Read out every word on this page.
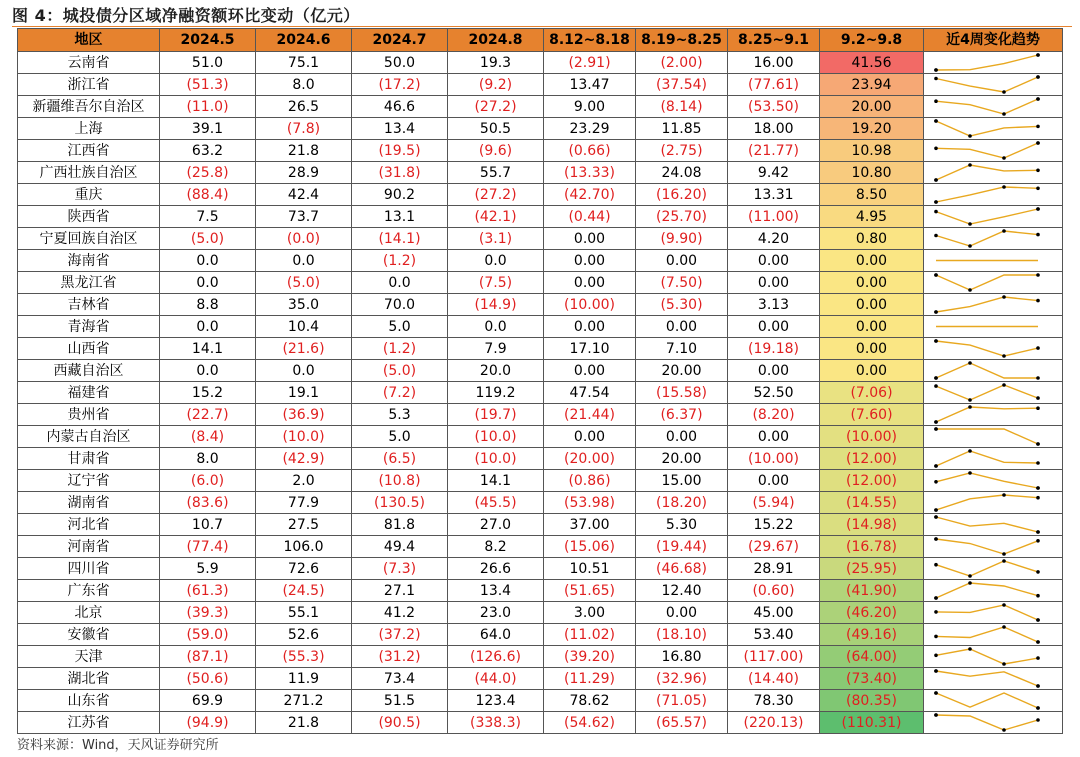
图 4：城投债分区域净融资额环比变动（亿元）
地区	2024.5	2024.6	2024.7	2024.8	8.12~8.18	8.19~8.25	8.25~9.1	9.2~9.8	近4周变化趋势
云南省	51.0	75.1	50.0	19.3	(2.91)	(2.00)	16.00	41.56	

浙江省	(51.3)	8.0	(17.2)	(9.2)	13.47	(37.54)	(77.61)	23.94	

新疆维吾尔自治区	(11.0)	26.5	46.6	(27.2)	9.00	(8.14)	(53.50)	20.00	

上海	39.1	(7.8)	13.4	50.5	23.29	11.85	18.00	19.20	

江西省	63.2	21.8	(19.5)	(9.6)	(0.66)	(2.75)	(21.77)	10.98	

广西壮族自治区	(25.8)	28.9	(31.8)	55.7	(13.33)	24.08	9.42	10.80	

重庆	(88.4)	42.4	90.2	(27.2)	(42.70)	(16.20)	13.31	8.50	

陕西省	7.5	73.7	13.1	(42.1)	(0.44)	(25.70)	(11.00)	4.95	

宁夏回族自治区	(5.0)	(0.0)	(14.1)	(3.1)	0.00	(9.90)	4.20	0.80	

海南省	0.0	0.0	(1.2)	0.0	0.00	0.00	0.00	0.00	

黑龙江省	0.0	(5.0)	0.0	(7.5)	0.00	(7.50)	0.00	0.00	

吉林省	8.8	35.0	70.0	(14.9)	(10.00)	(5.30)	3.13	0.00	

青海省	0.0	10.4	5.0	0.0	0.00	0.00	0.00	0.00	

山西省	14.1	(21.6)	(1.2)	7.9	17.10	7.10	(19.18)	0.00	

西藏自治区	0.0	0.0	(5.0)	20.0	0.00	20.00	0.00	0.00	

福建省	15.2	19.1	(7.2)	119.2	47.54	(15.58)	52.50	(7.06)	

贵州省	(22.7)	(36.9)	5.3	(19.7)	(21.44)	(6.37)	(8.20)	(7.60)	

内蒙古自治区	(8.4)	(10.0)	5.0	(10.0)	0.00	0.00	0.00	(10.00)	

甘肃省	8.0	(42.9)	(6.5)	(10.0)	(20.00)	20.00	(10.00)	(12.00)	

辽宁省	(6.0)	2.0	(10.8)	14.1	(0.86)	15.00	0.00	(12.00)	

湖南省	(83.6)	77.9	(130.5)	(45.5)	(53.98)	(18.20)	(5.94)	(14.55)	

河北省	10.7	27.5	81.8	27.0	37.00	5.30	15.22	(14.98)	

河南省	(77.4)	106.0	49.4	8.2	(15.06)	(19.44)	(29.67)	(16.78)	

四川省	5.9	72.6	(7.3)	26.6	10.51	(46.68)	28.91	(25.95)	

广东省	(61.3)	(24.5)	27.1	13.4	(51.65)	12.40	(0.60)	(41.90)	

北京	(39.3)	55.1	41.2	23.0	3.00	0.00	45.00	(46.20)	

安徽省	(59.0)	52.6	(37.2)	64.0	(11.02)	(18.10)	53.40	(49.16)	

天津	(87.1)	(55.3)	(31.2)	(126.6)	(39.20)	16.80	(117.00)	(64.00)	

湖北省	(50.6)	11.9	73.4	(44.0)	(11.29)	(32.96)	(14.40)	(73.40)	

山东省	69.9	271.2	51.5	123.4	78.62	(71.05)	78.30	(80.35)	

江苏省	(94.9)	21.8	(90.5)	(338.3)	(54.62)	(65.57)	(220.13)	(110.31)	
资料来源：Wind，天风证券研究所
